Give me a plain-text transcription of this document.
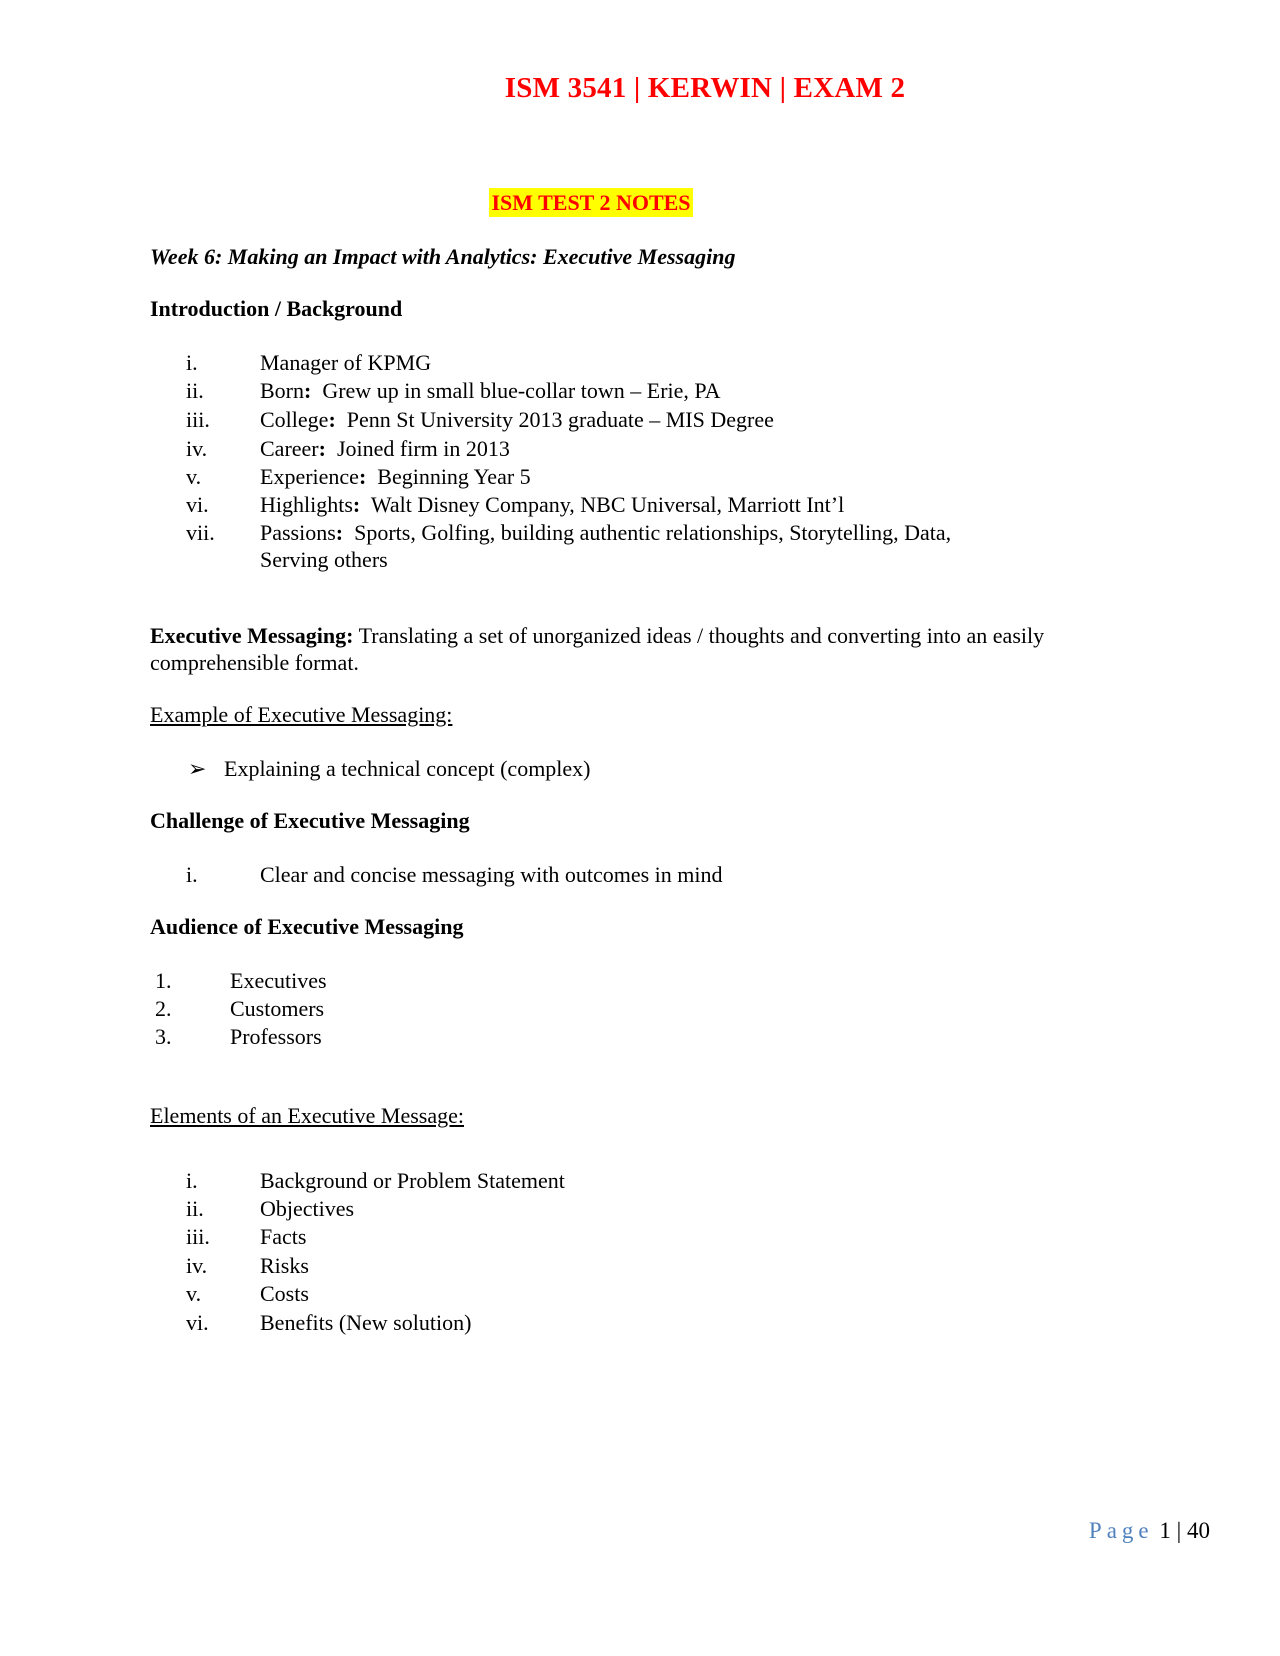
ISM 3541 | KERWIN | EXAM 2
ISM TEST 2 NOTES
Week 6: Making an Impact with Analytics: Executive Messaging
Introduction / Background
i.	Manager of KPMG
ii.	Born:  Grew up in small blue-collar town – Erie, PA
iii. College:  Penn St University 2013 graduate – MIS Degree
iv. Career:  Joined firm in 2013
v.	Experience:  Beginning Year 5
vi. Highlights:  Walt Disney Company, NBC Universal, Marriott Int’l
vii. Passions:  Sports, Golfing, building authentic relationships, Storytelling, Data,
Serving others
Executive Messaging: Translating a set of unorganized ideas / thoughts and converting into an easily comprehensible format.
Example of Executive Messaging:
➢ Explaining a technical concept (complex)
Challenge of Executive Messaging
i.	Clear and concise messaging with outcomes in mind
Audience of Executive Messaging
1.	Executives
2.	Customers
3.	Professors
Elements of an Executive Message:
i.	Background or Problem Statement
ii.	Objectives
iii. Facts
iv. Risks
v.	Costs
vi. Benefits (New solution)
Page 1 | 40
